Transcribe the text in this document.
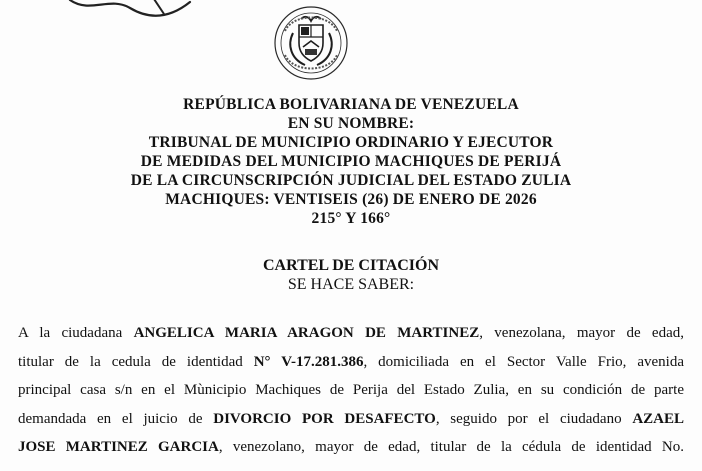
REPÚBLICA BOLIVARIANA DE VENEZUELA
EN SU NOMBRE:
TRIBUNAL DE MUNICIPIO ORDINARIO Y EJECUTOR
DE MEDIDAS DEL MUNICIPIO MACHIQUES DE PERIJÁ
DE LA CIRCUNSCRIPCIÓN JUDICIAL DEL ESTADO ZULIA
MACHIQUES: VENTISEIS (26) DE ENERO DE 2026
215° Y 166°
CARTEL DE CITACIÓN
SE HACE SABER:
A la ciudadana ANGELICA MARIA ARAGON DE MARTINEZ, venezolana, mayor de edad,
titular de la cedula de identidad N° V-17.281.386, domiciliada en el Sector Valle Frio, avenida
principal casa s/n en el Mùnicipio Machiques de Perija del Estado Zulia, en su condición de parte
demandada en el juicio de DIVORCIO POR DESAFECTO, seguido por el ciudadano AZAEL
JOSE MARTINEZ GARCIA, venezolano, mayor de edad, titular de la cédula de identidad No.
